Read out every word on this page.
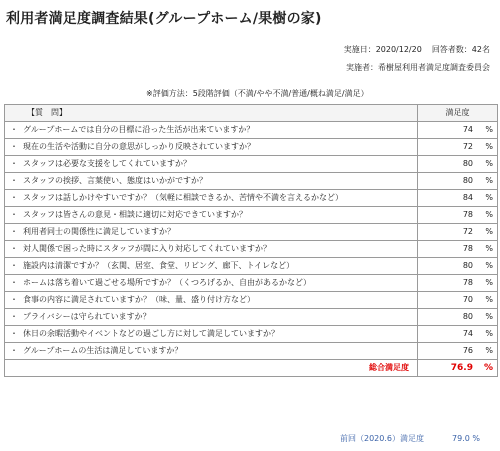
利用者満足度調査結果(グループホーム/果樹の家)
実施日：2020/12/20 回答者数：42名
実施者：希樹屋利用者満足度調査委員会
※評価方法：5段階評価（不満/やや不満/普通/概ね満足/満足）
【質　問】	満足度
・ グループホームでは自分の目標に沿った生活が出来ていますか？	74 %
・ 現在の生活や活動に自分の意思がしっかり反映されていますか？	72 %
・ スタッフは必要な支援をしてくれていますか？	80 %
・ スタッフの挨拶、言葉使い、態度はいかがですか？	80 %
・ スタッフは話しかけやすいですか？（気軽に相談できるか、苦情や不満を言えるかなど）	84 %
・ スタッフは皆さんの意見・相談に適切に対応できていますか？	78 %
・ 利用者同士の関係性に満足していますか？	72 %
・ 対人関係で困った時にスタッフが間に入り対応してくれていますか？	78 %
・ 施設内は清潔ですか？（玄関、居室、食堂、リビング、廊下、トイレなど）	80 %
・ ホームは落ち着いて過ごせる場所ですか？（くつろげるか、自由があるかなど）	78 %
・ 食事の内容に満足されていますか？（味、量、盛り付け方など）	70 %
・ プライバシーは守られていますか？	80 %
・ 休日の余暇活動やイベントなどの過ごし方に対して満足していますか？	74 %
・ グループホームの生活は満足していますか？	76 %
総合満足度	76.9 %
前回（2020.6）満足度	79.0 %
